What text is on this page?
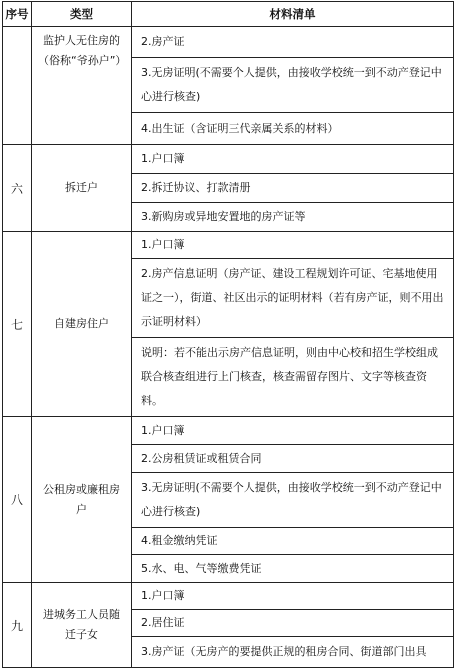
序号	类型	材料清单
	监护人无住房的（俗称“爷孙户”）	2.房产证
		3.无房证明(不需要个人提供，由接收学校统一到不动产登记中心进行核查)
		4.出生证（含证明三代亲属关系的材料）
六	拆迁户	1.户口簿
		2.拆迁协议、打款清册
		3.新购房或异地安置地的房产证等
七	自建房住户	1.户口簿
		2.房产信息证明（房产证、建设工程规划许可证、宅基地使用证之一），街道、社区出示的证明材料（若有房产证，则不用出示证明材料）
		说明：若不能出示房产信息证明，则由中心校和招生学校组成联合核查组进行上门核查，核查需留存图片、文字等核查资料。
八	公租房或廉租房户	1.户口簿
		2.公房租赁证或租赁合同
		3.无房证明(不需要个人提供，由接收学校统一到不动产登记中心进行核查)
		4.租金缴纳凭证
		5.水、电、气等缴费凭证
九	进城务工人员随迁子女	1.户口簿
		2.居住证
		3.房产证（无房产的要提供正规的租房合同、街道部门出具
